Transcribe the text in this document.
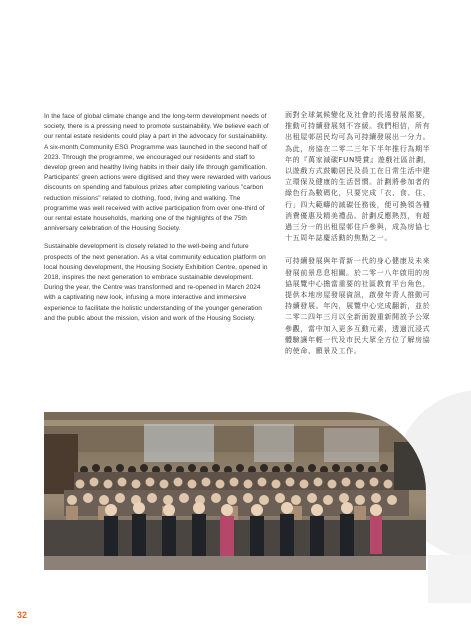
In the face of global climate change and the long-term development needs of society, there is a pressing need to promote sustainability. We believe each of our rental estate residents could play a part in the advocacy for sustainability. A six-month Community ESG Programme was launched in the second half of 2023. Through the programme, we encouraged our residents and staff to develop green and healthy living habits in their daily life through gamification. Participants' green actions were digitised and they were rewarded with various discounts on spending and fabulous prizes after completing various "carbon reduction missions" related to clothing, food, living and walking. The programme was well received with active participation from over one-third of our rental estate households, marking one of the highlights of the 75th anniversary celebration of the Housing Society.

Sustainable development is closely related to the well-being and future prospects of the next generation. As a vital community education platform on local housing development, the Housing Society Exhibition Centre, opened in 2018, inspires the next generation to embrace sustainable development. During the year, the Centre was transformed and re-opened in March 2024 with a captivating new look, infusing a more interactive and immersive experience to facilitate the holistic understanding of the younger generation and the public about the mission, vision and work of the Housing Society.

面對全球氣候變化及社會的長遠發展需要，推動可持續發展刻不容緩。我們相信，所有出租屋邨居民均可為可持續發展出一分力。為此，房協在二零二三年下半年推行為期半年的『萬家減碳FUN獎賞』遊戲社區計劃，以遊戲方式鼓勵居民及員工在日常生活中建立環保及健康的生活習慣。計劃將參加者的綠色行為數碼化，只要完成「衣、食、住、行」四大範疇的減碳任務後，便可換領各種消費優惠及精美禮品。計劃反應熱烈，有超過三分一的出租屋邨住戶參與，成為房協七十五周年誌慶活動的焦點之一。

可持續發展與年青新一代的身心健康及未來發展前景息息相關。於二零一八年啟用的房協展覽中心擔當重要的社區教育平台角色，提供本地房屋發展資訊，啟發年青人推動可持續發展。年內，展覽中心完成翻新，並於二零二四年三月以全新面貌重新開放予公眾參觀，當中加入更多互動元素，透過沉浸式體驗讓年輕一代及市民大眾全方位了解房協的使命、願景及工作。

32
